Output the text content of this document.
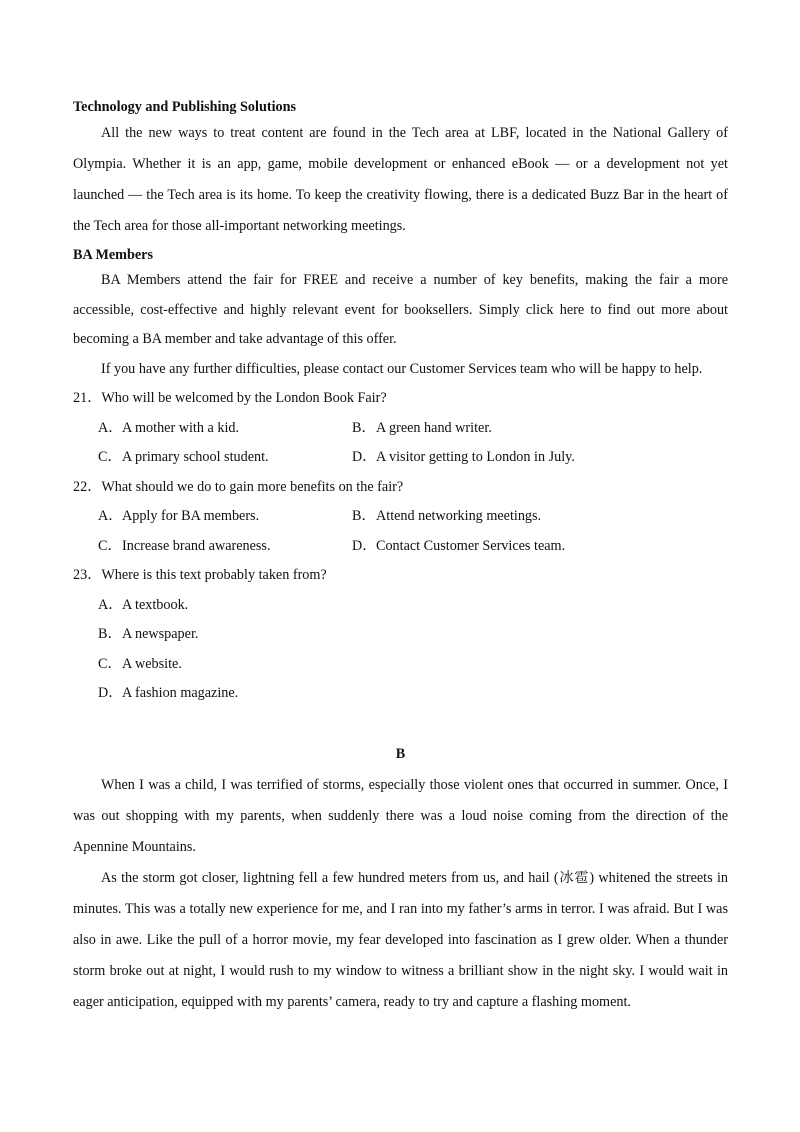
Technology and Publishing Solutions

All the new ways to treat content are found in the Tech area at LBF, located in the National Gallery of Olympia. Whether it is an app, game, mobile development or enhanced eBook — or a development not yet launched — the Tech area is its home. To keep the creativity flowing, there is a dedicated Buzz Bar in the heart of the Tech area for those all-important networking meetings.

BA Members

BA Members attend the fair for FREE and receive a number of key benefits, making the fair a more accessible, cost-effective and highly relevant event for booksellers. Simply click here to find out more about becoming a BA member and take advantage of this offer.

If you have any further difficulties, please contact our Customer Services team who will be happy to help.

21．Who will be welcomed by the London Book Fair?

A． A mother with a kid.	B． A green hand writer.
C． A primary school student.	D． A visitor getting to London in July.

22．What should we do to gain more benefits on the fair?

A． Apply for BA members.	B． Attend networking meetings.
C． Increase brand awareness.	D． Contact Customer Services team.

23．Where is this text probably taken from?

A． A textbook.
B． A newspaper.
C． A website.
D． A fashion magazine.

B

When I was a child, I was terrified of storms, especially those violent ones that occurred in summer. Once, I was out shopping with my parents, when suddenly there was a loud noise coming from the direction of the Apennine Mountains.

As the storm got closer, lightning fell a few hundred meters from us, and hail (冰雹) whitened the streets in minutes. This was a totally new experience for me, and I ran into my father’s arms in terror. I was afraid. But I was also in awe. Like the pull of a horror movie, my fear developed into fascination as I grew older. When a thunder storm broke out at night, I would rush to my window to witness a brilliant show in the night sky. I would wait in eager anticipation, equipped with my parents’ camera, ready to try and capture a flashing moment.
